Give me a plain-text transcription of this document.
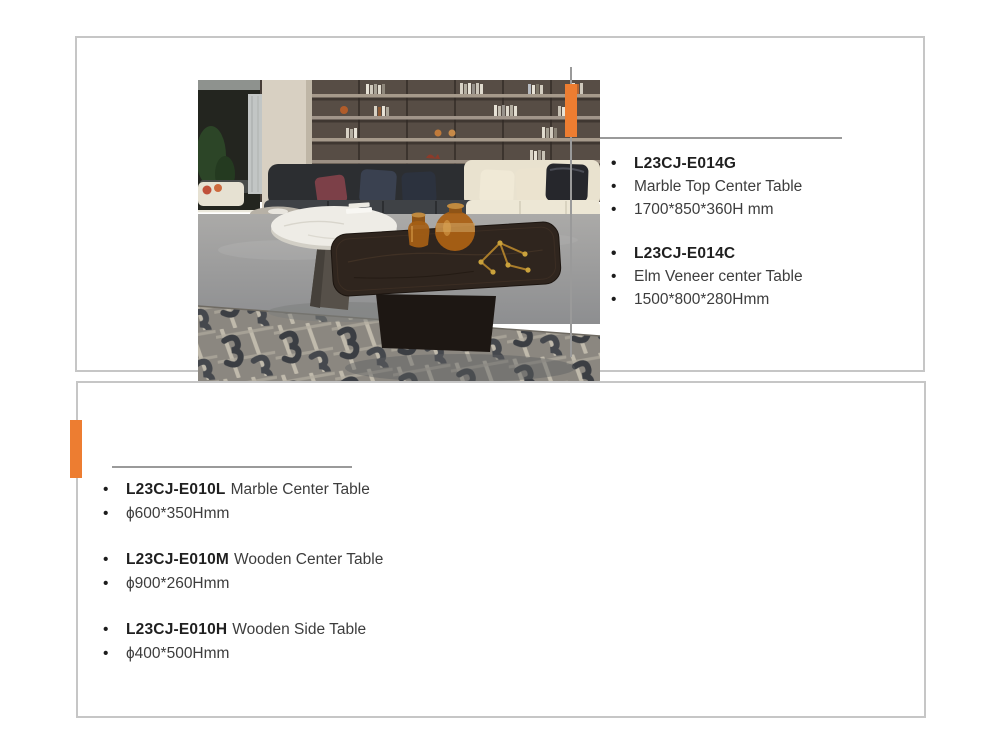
• L23CJ-E014G
• Marble Top Center Table
• 1700*850*360H mm
• L23CJ-E014C
• Elm Veneer center Table
• 1500*800*280Hmm
• L23CJ-E010L Marble Center Table
• ϕ600*350Hmm
• L23CJ-E010M Wooden Center Table
• ϕ900*260Hmm
• L23CJ-E010H Wooden Side Table
• ϕ400*500Hmm
